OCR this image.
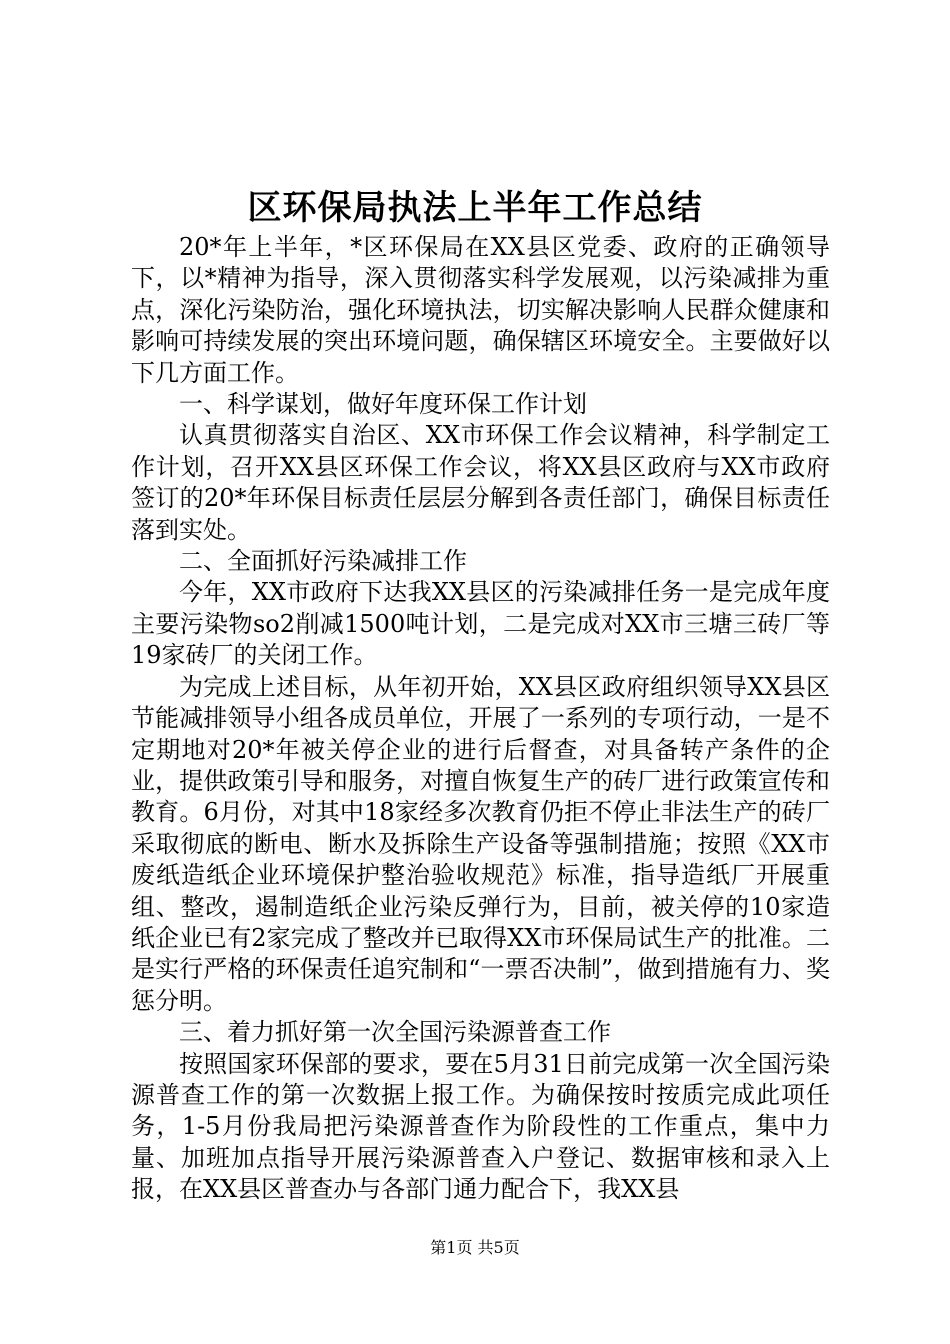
区环保局执法上半年工作总结

20*年上半年，*区环保局在XX县区党委、政府的正确领导下，以*精神为指导，深入贯彻落实科学发展观，以污染减排为重点，深化污染防治，强化环境执法，切实解决影响人民群众健康和影响可持续发展的突出环境问题，确保辖区环境安全。主要做好以下几方面工作。

一、科学谋划，做好年度环保工作计划

认真贯彻落实自治区、XX市环保工作会议精神，科学制定工作计划，召开XX县区环保工作会议，将XX县区政府与XX市政府签订的20*年环保目标责任层层分解到各责任部门，确保目标责任落到实处。

二、全面抓好污染减排工作

今年，XX市政府下达我XX县区的污染减排任务一是完成年度主要污染物so2削减1500吨计划，二是完成对XX市三塘三砖厂等19家砖厂的关闭工作。

为完成上述目标，从年初开始，XX县区政府组织领导XX县区节能减排领导小组各成员单位，开展了一系列的专项行动，一是不定期地对20*年被关停企业的进行后督查，对具备转产条件的企业，提供政策引导和服务，对擅自恢复生产的砖厂进行政策宣传和教育。6月份，对其中18家经多次教育仍拒不停止非法生产的砖厂采取彻底的断电、断水及拆除生产设备等强制措施；按照《XX市废纸造纸企业环境保护整治验收规范》标准，指导造纸厂开展重组、整改，遏制造纸企业污染反弹行为，目前，被关停的10家造纸企业已有2家完成了整改并已取得XX市环保局试生产的批准。二是实行严格的环保责任追究制和“一票否决制”，做到措施有力、奖惩分明。

三、着力抓好第一次全国污染源普查工作

按照国家环保部的要求，要在5月31日前完成第一次全国污染源普查工作的第一次数据上报工作。为确保按时按质完成此项任务，1-5月份我局把污染源普查作为阶段性的工作重点，集中力量、加班加点指导开展污染源普查入户登记、数据审核和录入上报，在XX县区普查办与各部门通力配合下，我XX县

第1页 共5页
